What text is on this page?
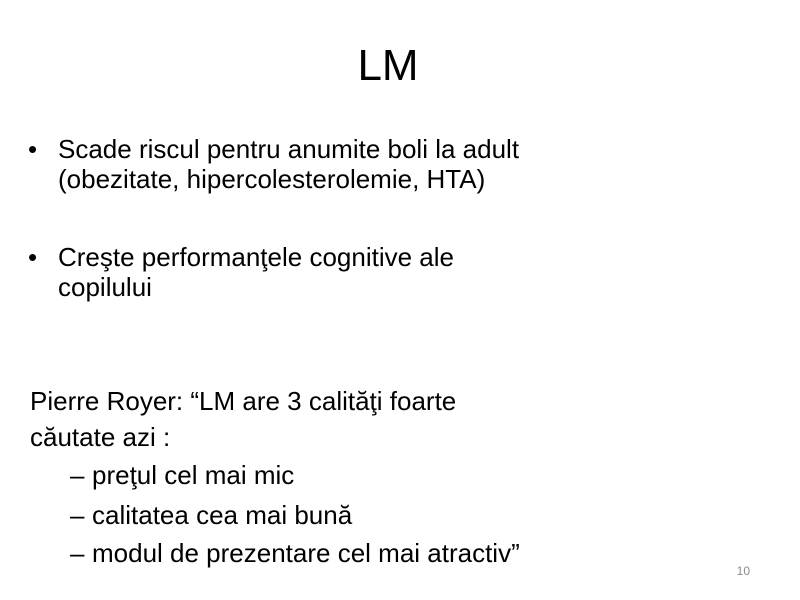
LM
• Scade riscul pentru anumite boli la adult
(obezitate, hipercolesterolemie, HTA)
• Creşte performanţele cognitive ale
copilului
Pierre Royer: “LM are 3 calităţi foarte
căutate azi :
– preţul cel mai mic
– calitatea cea mai bună
– modul de prezentare cel mai atractiv”
10
